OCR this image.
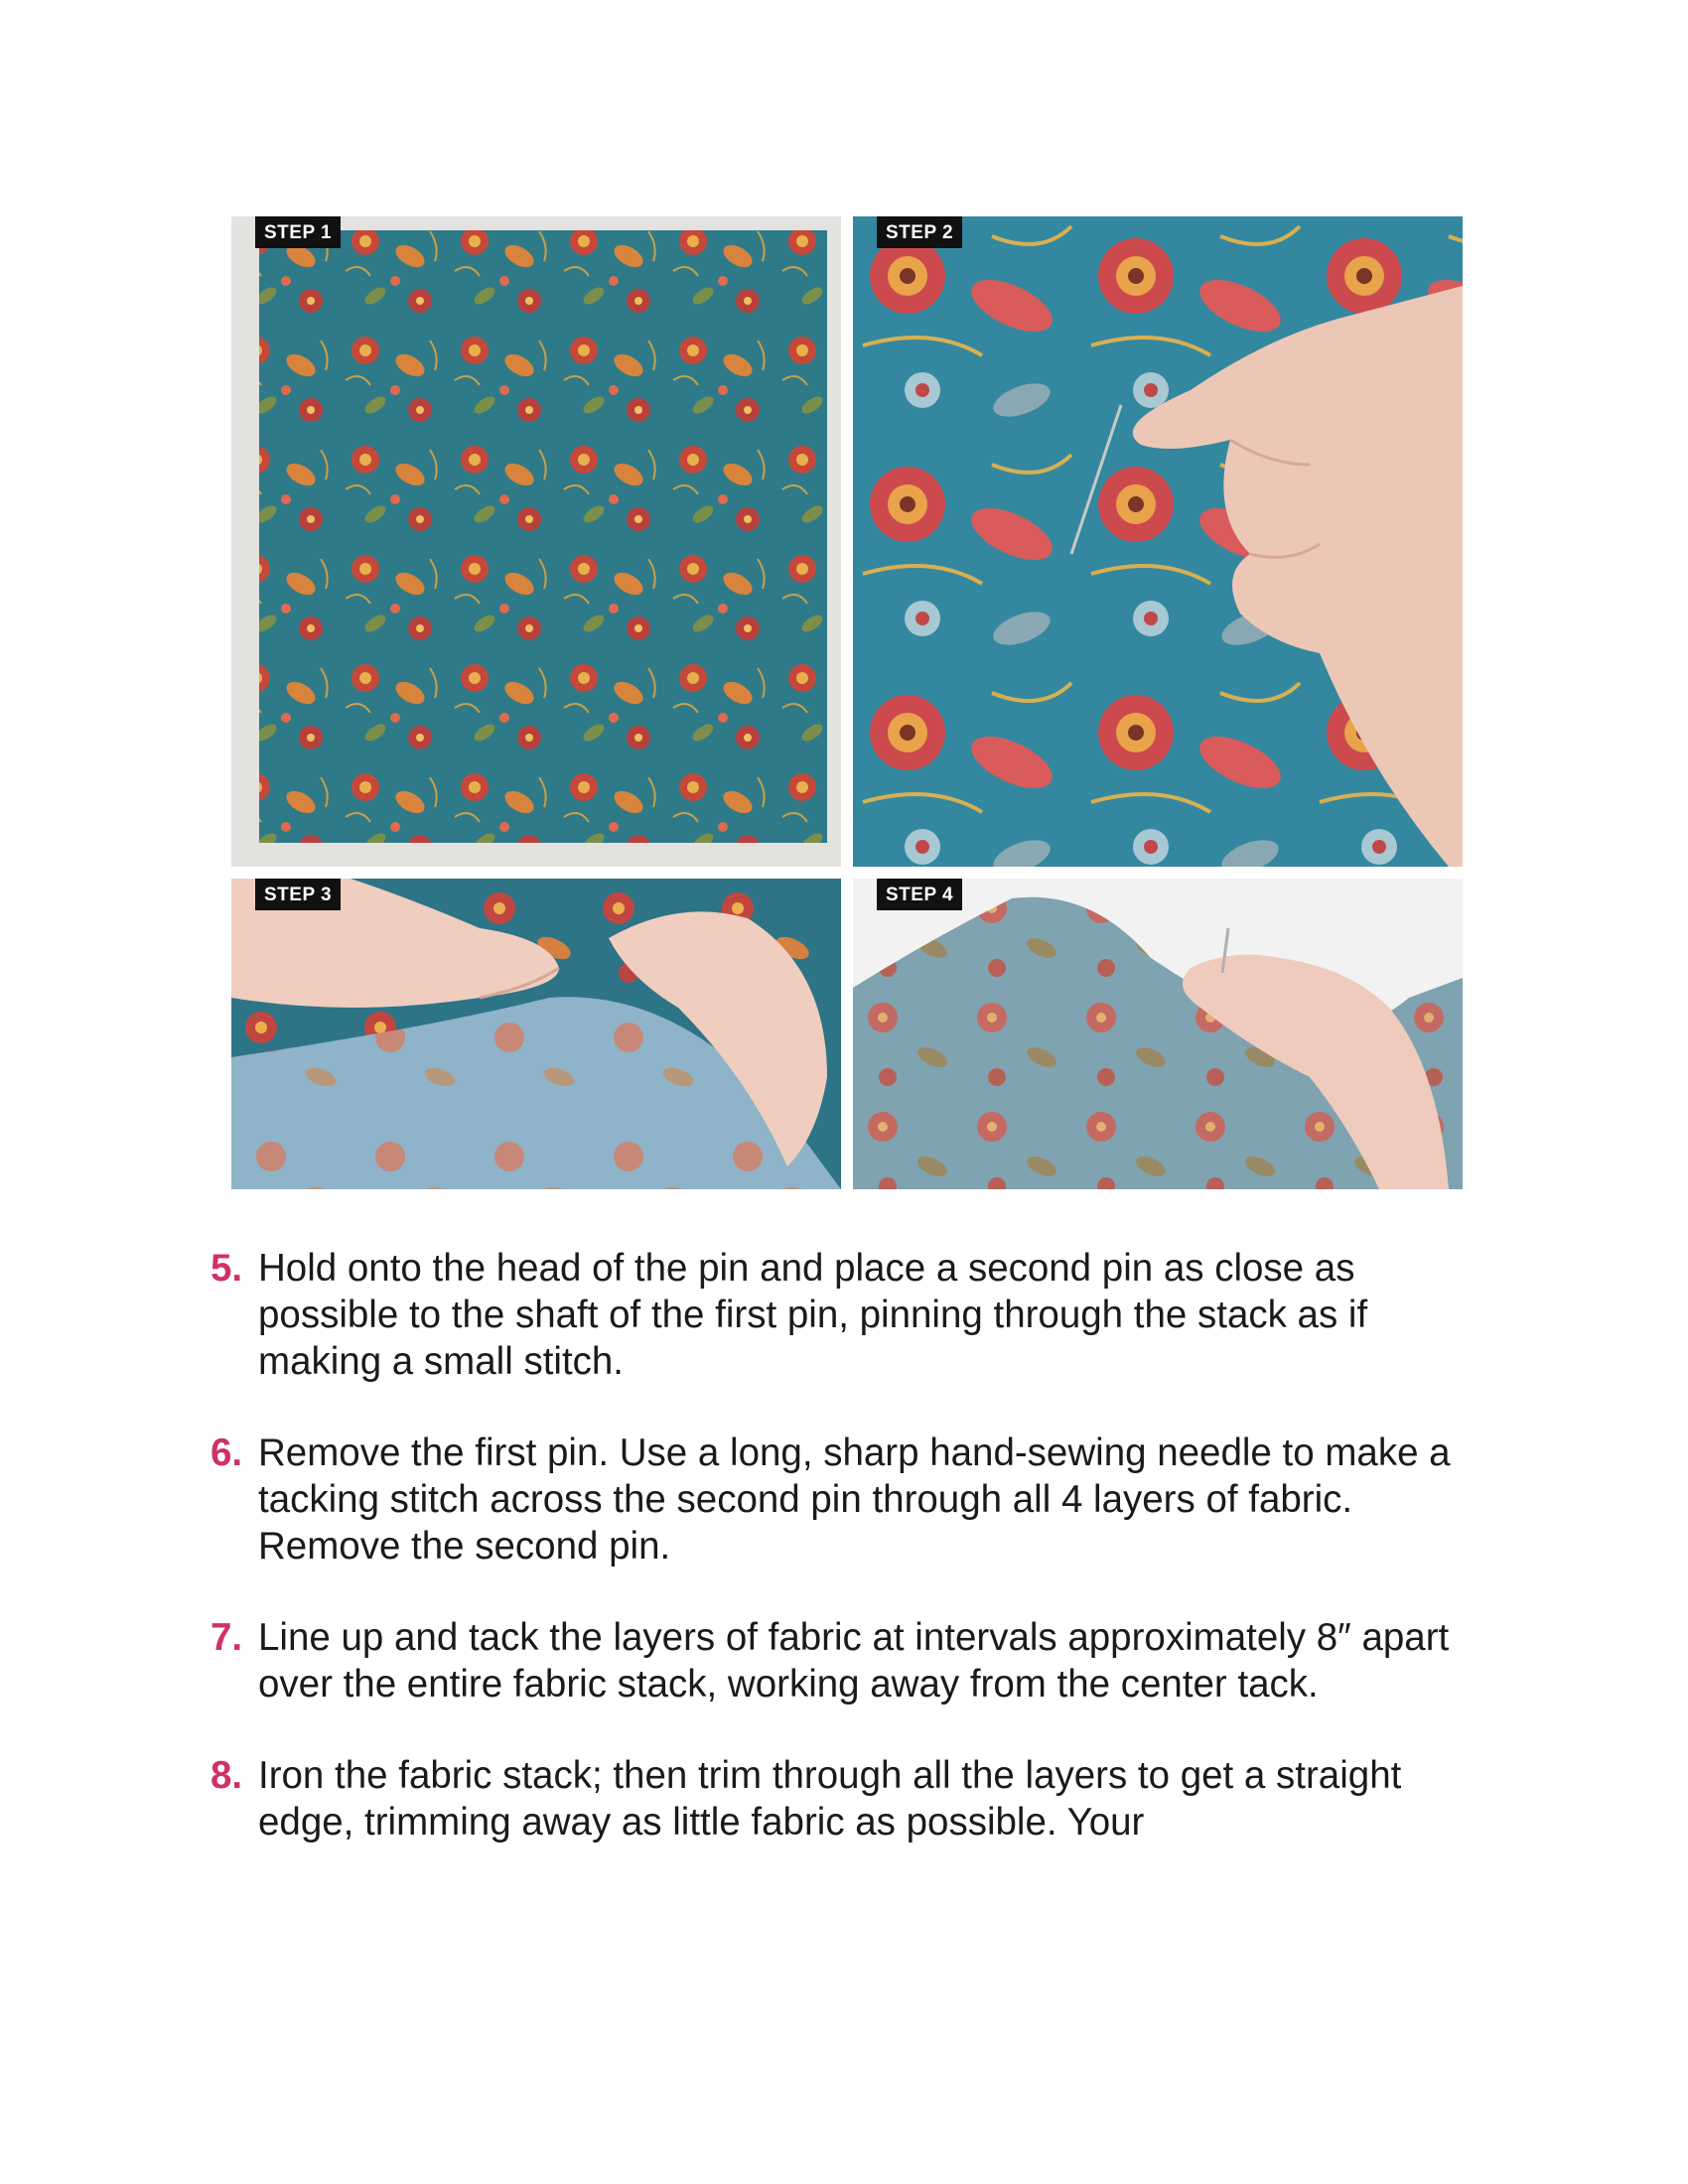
STEP 1	STEP 2
STEP 3	STEP 4
5. Hold onto the head of the pin and place a second pin as close as possible to the shaft of the first pin, pinning through the stack as if making a small stitch.
6. Remove the first pin. Use a long, sharp hand-sewing needle to make a tacking stitch across the second pin through all 4 layers of fabric. Remove the second pin.
7. Line up and tack the layers of fabric at intervals approximately 8″ apart over the entire fabric stack, working away from the center tack.
8. Iron the fabric stack; then trim through all the layers to get a straight edge, trimming away as little fabric as possible. Your
